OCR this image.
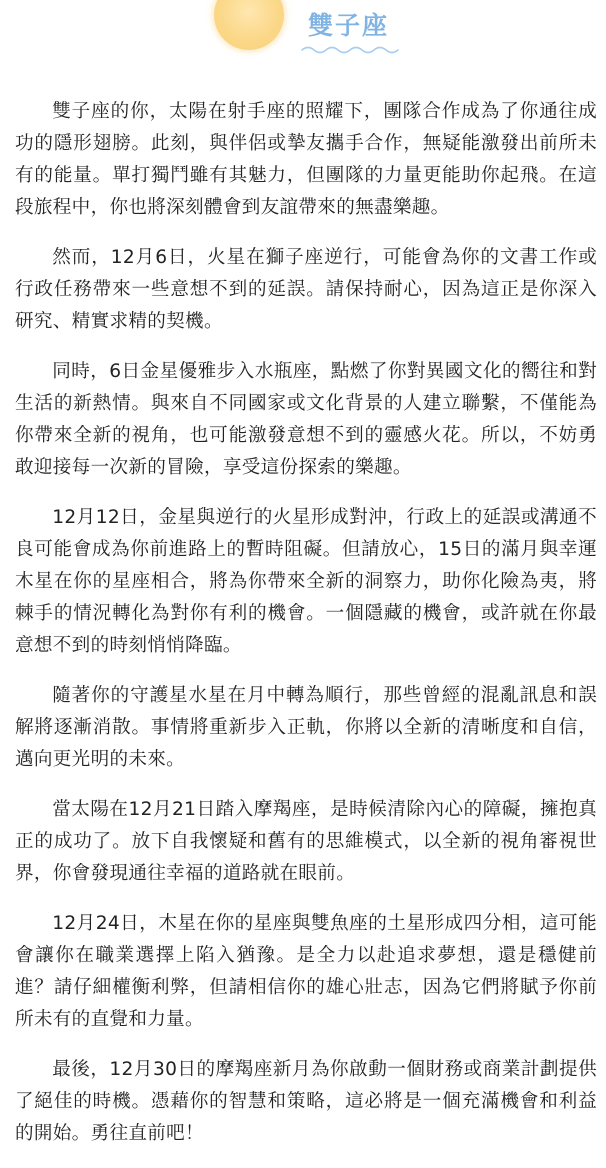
雙子座

雙子座的你，太陽在射手座的照耀下，團隊合作成為了你通往成功的隱形翅膀。此刻，與伴侶或摯友攜手合作，無疑能激發出前所未有的能量。單打獨鬥雖有其魅力，但團隊的力量更能助你起飛。在這段旅程中，你也將深刻體會到友誼帶來的無盡樂趣。

然而，12月6日，火星在獅子座逆行，可能會為你的文書工作或行政任務帶來一些意想不到的延誤。請保持耐心，因為這正是你深入研究、精實求精的契機。

同時，6日金星優雅步入水瓶座，點燃了你對異國文化的嚮往和對生活的新熱情。與來自不同國家或文化背景的人建立聯繫，不僅能為你帶來全新的視角，也可能激發意想不到的靈感火花。所以，不妨勇敢迎接每一次新的冒險，享受這份探索的樂趣。

12月12日，金星與逆行的火星形成對沖，行政上的延誤或溝通不良可能會成為你前進路上的暫時阻礙。但請放心，15日的滿月與幸運木星在你的星座相合，將為你帶來全新的洞察力，助你化險為夷，將棘手的情況轉化為對你有利的機會。一個隱藏的機會，或許就在你最意想不到的時刻悄悄降臨。

隨著你的守護星水星在月中轉為順行，那些曾經的混亂訊息和誤解將逐漸消散。事情將重新步入正軌，你將以全新的清晰度和自信，邁向更光明的未來。

當太陽在12月21日踏入摩羯座，是時候清除內心的障礙，擁抱真正的成功了。放下自我懷疑和舊有的思維模式，以全新的視角審視世界，你會發現通往幸福的道路就在眼前。

12月24日，木星在你的星座與雙魚座的土星形成四分相，這可能會讓你在職業選擇上陷入猶豫。是全力以赴追求夢想，還是穩健前進？請仔細權衡利弊，但請相信你的雄心壯志，因為它們將賦予你前所未有的直覺和力量。

最後，12月30日的摩羯座新月為你啟動一個財務或商業計劃提供了絕佳的時機。憑藉你的智慧和策略，這必將是一個充滿機會和利益的開始。勇往直前吧！
